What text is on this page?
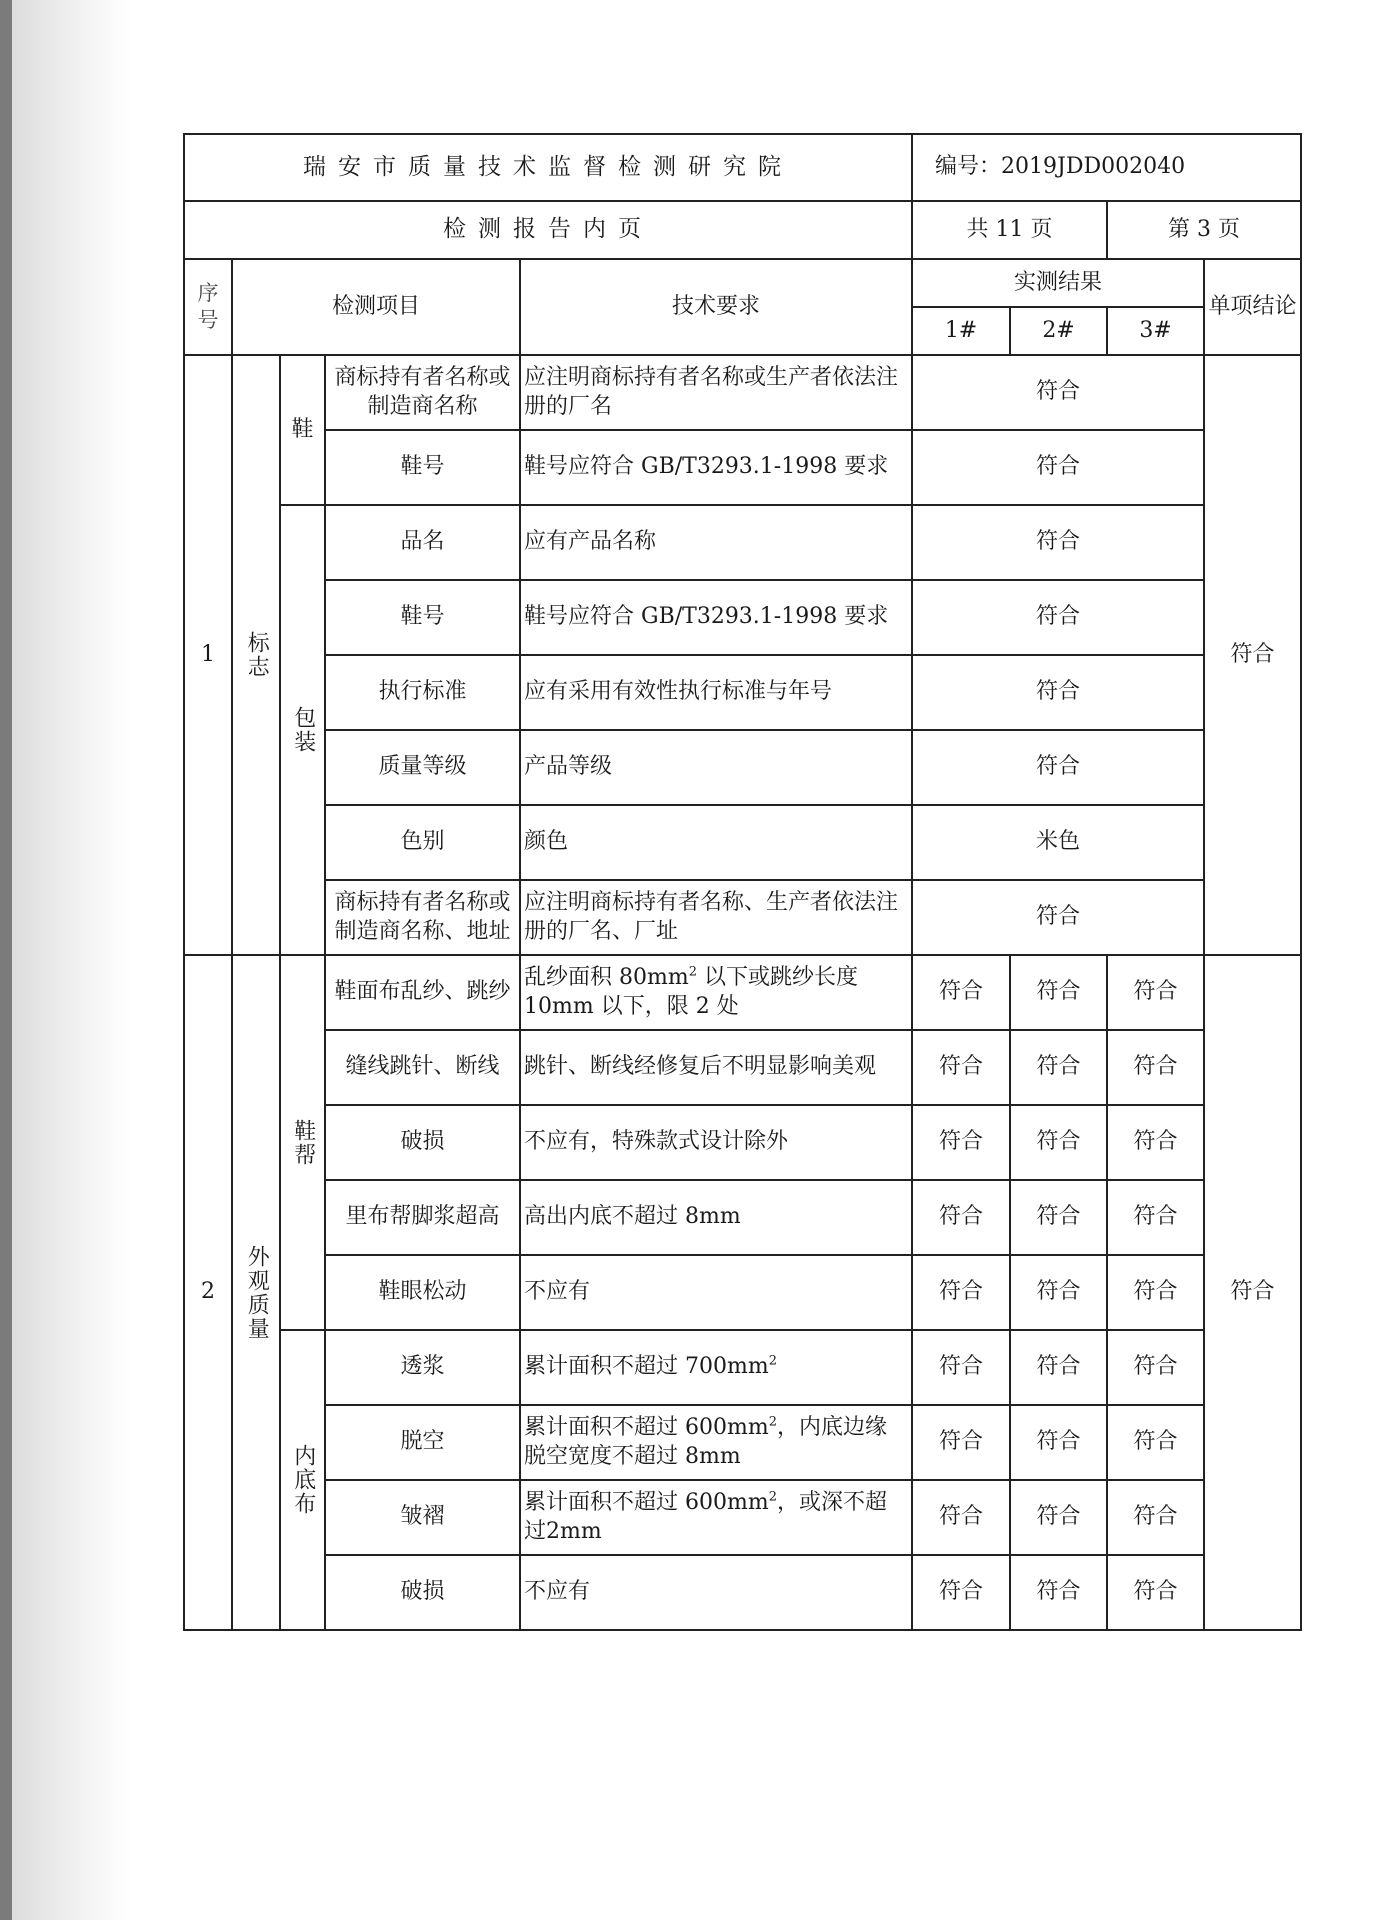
瑞安市质量技术监督检测研究院					编号：2019JDD002040			
检测报告内页					共 11 页		第 3 页	
序号	检测项目			技术要求	实测结果			单项结论
					1#	2#	3#	
1	标志	鞋	商标持有者名称或制造商名称	应注明商标持有者名称或生产者依法注册的厂名	符合			符合
			鞋号	鞋号应符合 GB/T3293.1-1998 要求	符合			
		包装	品名	应有产品名称	符合			
			鞋号	鞋号应符合 GB/T3293.1-1998 要求	符合			
			执行标准	应有采用有效性执行标准与年号	符合			
			质量等级	产品等级	符合			
			色别	颜色	米色			
			商标持有者名称或制造商名称、地址	应注明商标持有者名称、生产者依法注册的厂名、厂址	符合			
2	外观质量	鞋帮	鞋面布乱纱、跳纱	乱纱面积 $80mm^2$ 以下或跳纱长度10mm 以下，限 2 处	符合	符合	符合	符合
			缝线跳针、断线	跳针、断线经修复后不明显影响美观	符合	符合	符合	
			破损	不应有，特殊款式设计除外	符合	符合	符合	
			里布帮脚浆超高	高出内底不超过 8mm	符合	符合	符合	
			鞋眼松动	不应有	符合	符合	符合	
		内底布	透浆	累计面积不超过 $700mm^2$	符合	符合	符合	
			脱空	累计面积不超过 $600mm^2$，内底边缘脱空宽度不超过 8mm	符合	符合	符合	
			皱褶	累计面积不超过 $600mm^2$，或深不超过2mm	符合	符合	符合	
			破损	不应有	符合	符合	符合	
